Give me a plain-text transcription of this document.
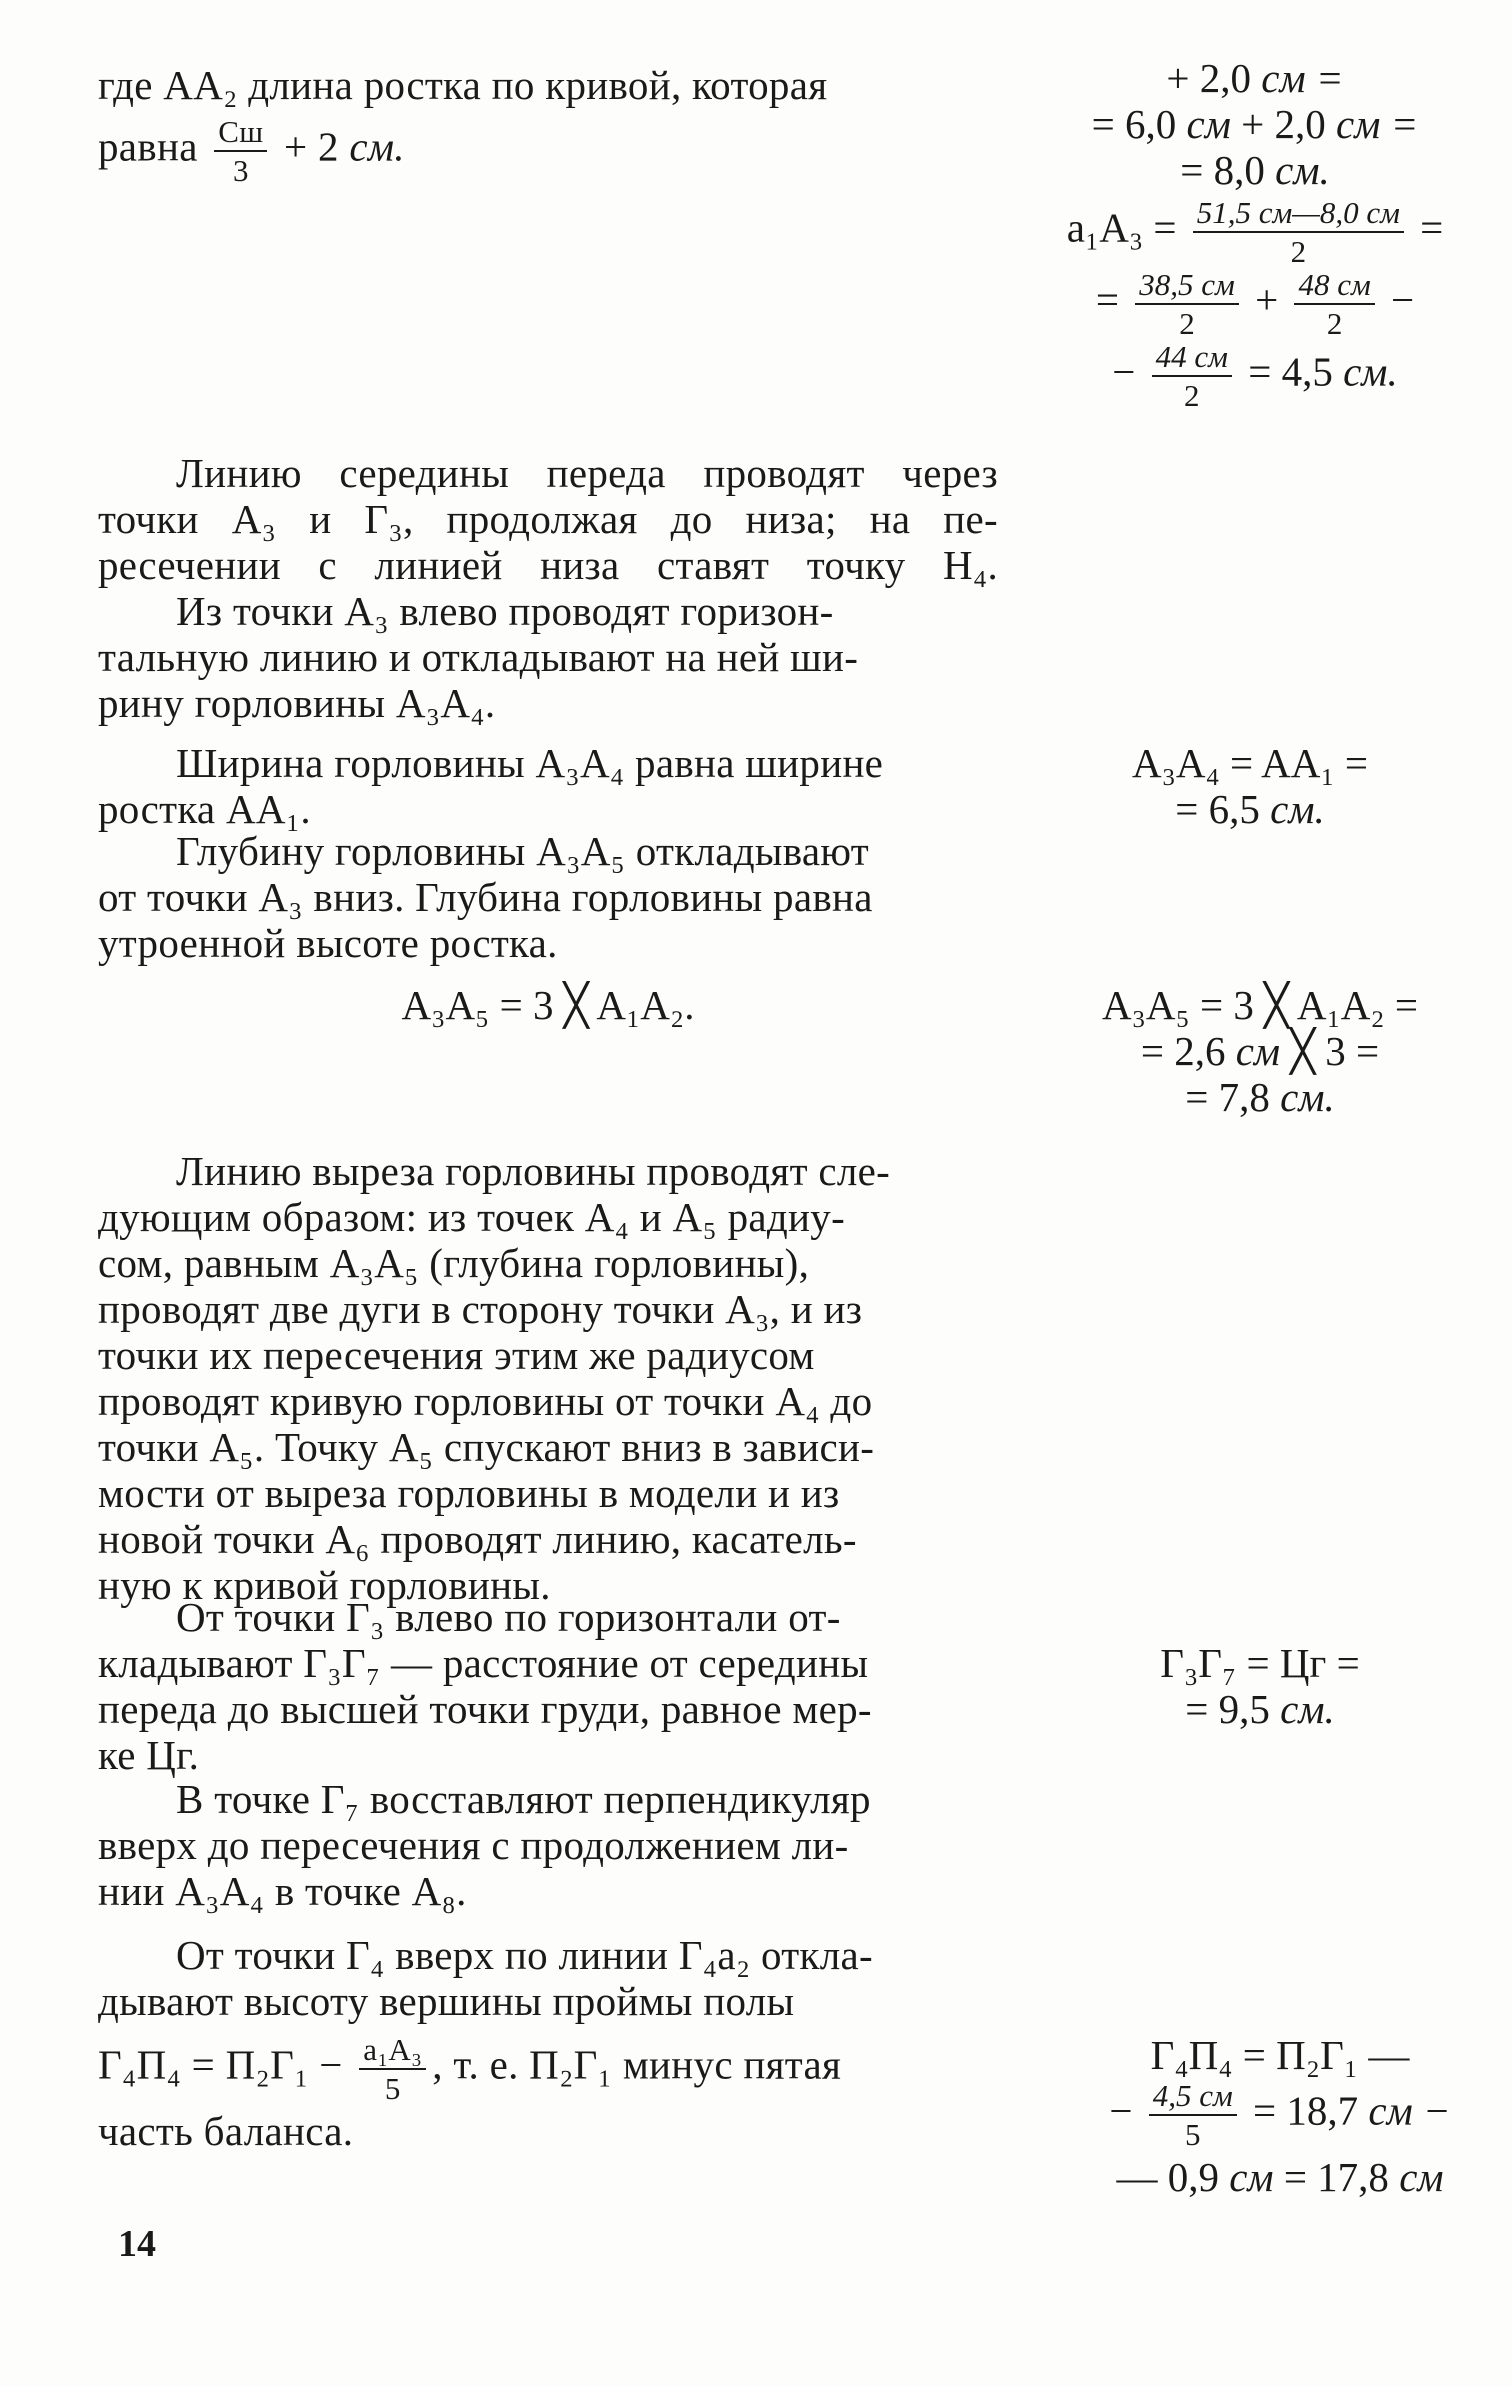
где AA₂ длина ростка по кривой, которая
равна $\frac{Сш}{3} + 2$ см.
Линию середины переда проводят через
точки A₃ и Г₃, продолжая до низа; на пе-
ресечении с линией низа ставят точку Н₄.
Из точки A₃ влево проводят горизон-
тальную линию и откладывают на ней ши-
рину горловины A₃A₄.
Ширина горловины A₃A₄ равна ширине
ростка AA₁.
Глубину горловины A₃A₅ откладывают
от точки A₃ вниз. Глубина горловины равна
утроенной высоте ростка.
A₃A₅ = 3 ╳ A₁A₂.
Линию выреза горловины проводят сле-
дующим образом: из точек A₄ и A₅ радиу-
сом, равным A₃A₅ (глубина горловины),
проводят две дуги в сторону точки A₃, и из
точки их пересечения этим же радиусом
проводят кривую горловины от точки A₄ до
точки A₅. Точку A₅ спускают вниз в зависи-
мости от выреза горловины в модели и из
новой точки A₆ проводят линию, касатель-
ную к кривой горловины.
От точки Г₃ влево по горизонтали от-
кладывают Г₃Г₇ — расстояние от середины
переда до высшей точки груди, равное мер-
ке Цг.
В точке Г₇ восставляют перпендикуляр
вверх до пересечения с продолжением ли-
нии A₃A₄ в точке A₈.
От точки Г₄ вверх по линии Г₄a₂ откла-
дывают высоту вершины проймы полы
$Г_4П_4 = П_2Г_1 - \frac{\text{a₁A₃}}{5}$ , т. е. П₂Г₁ минус пятая
часть баланса.
+ 2,0 см =
= 6,0 см + 2,0 см =
= 8,0 см.
$a_1A_3 = \frac{51,5 см—8,0 см}{2}$ =
= $\frac{38,5 см}{2} + \frac{48 см}{2}$ −
− $\frac{44 см}{2} = 4,5$ см.
A₃A₄ = AA₁ =
= 6,5 см.
A₃A₅ = 3 ╳ A₁A₂ =
= 2,6 см ╳ 3 =
= 7,8 см.
Г₃Г₇ = Цг =
= 9,5 см.
Г₄П₄ = П₂Г₁ —
− $\frac{4,5 см}{5} = 18,7$ см −
— 0,9 см = 17,8 см
14
